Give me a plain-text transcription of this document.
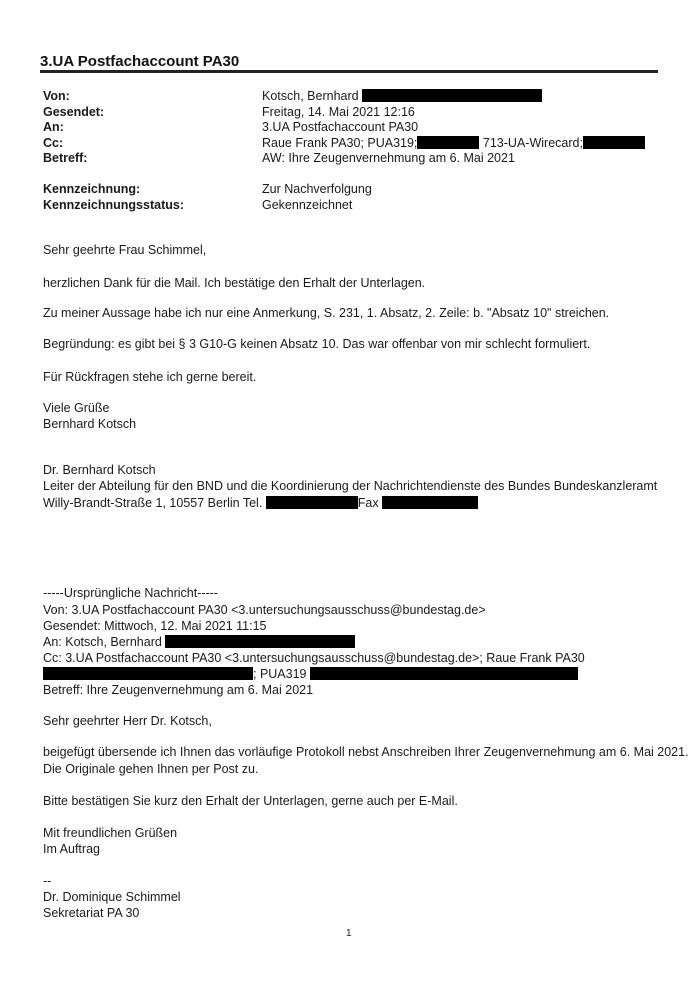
3.UA Postfachaccount PA30
Von:	Kotsch, Bernhard
Gesendet:	Freitag, 14. Mai 2021 12:16
An:	3.UA Postfachaccount PA30
Cc:	Raue Frank PA30; PUA319;	713-UA-Wirecard;
Betreff:	AW: Ihre Zeugenvernehmung am 6. Mai 2021
Kennzeichnung:	Zur Nachverfolgung
Kennzeichnungsstatus:	Gekennzeichnet
Sehr geehrte Frau Schimmel,
herzlichen Dank für die Mail. Ich bestätige den Erhalt der Unterlagen.
Zu meiner Aussage habe ich nur eine Anmerkung, S. 231, 1. Absatz, 2. Zeile: b. "Absatz 10" streichen.
Begründung: es gibt bei § 3 G10-G keinen Absatz 10. Das war offenbar von mir schlecht formuliert.
Für Rückfragen stehe ich gerne bereit.
Viele Grüße
Bernhard Kotsch
Dr. Bernhard Kotsch
Leiter der Abteilung für den BND und die Koordinierung der Nachrichtendienste des Bundes Bundeskanzleramt
Willy-Brandt-Straße 1, 10557 Berlin Tel.	Fax
-----Ursprüngliche Nachricht-----
Von: 3.UA Postfachaccount PA30 <3.untersuchungsausschuss@bundestag.de>
Gesendet: Mittwoch, 12. Mai 2021 11:15
An: Kotsch, Bernhard
Cc: 3.UA Postfachaccount PA30 <3.untersuchungsausschuss@bundestag.de>; Raue Frank PA30
; PUA319
Betreff: Ihre Zeugenvernehmung am 6. Mai 2021
Sehr geehrter Herr Dr. Kotsch,
beigefügt übersende ich Ihnen das vorläufige Protokoll nebst Anschreiben Ihrer Zeugenvernehmung am 6. Mai 2021.
Die Originale gehen Ihnen per Post zu.
Bitte bestätigen Sie kurz den Erhalt der Unterlagen, gerne auch per E-Mail.
Mit freundlichen Grüßen
Im Auftrag
--
Dr. Dominique Schimmel
Sekretariat PA 30
1
